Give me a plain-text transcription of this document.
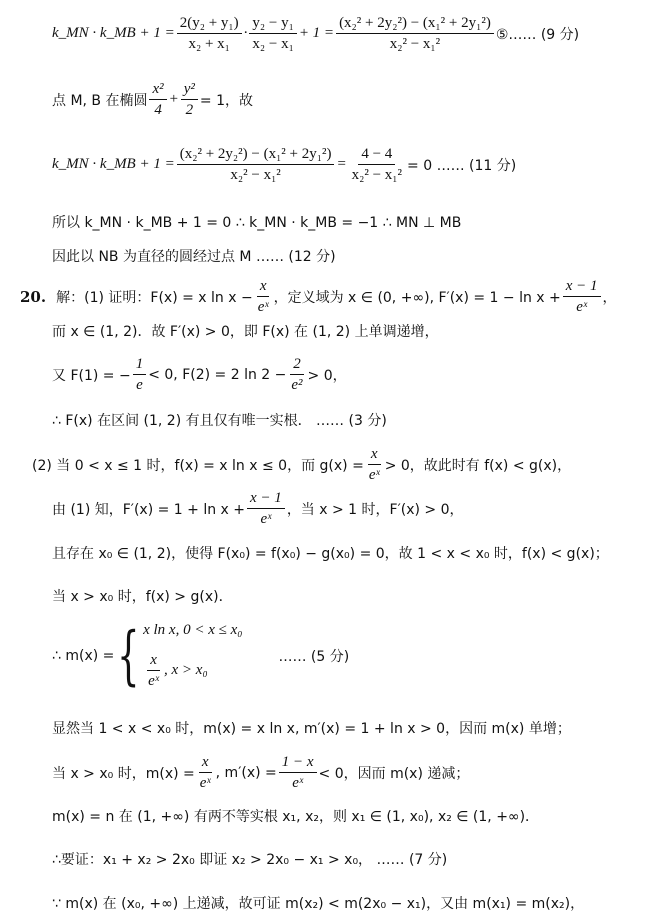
k_MN · k_MB + $1 = \frac{\text{2(y₂ + y₁)}}{\text{x₂ + x₁}} \cdot \frac{\text{y₂ − y₁}}{\text{x₂ − x₁}} + 1 = \frac{\text{(x₂² + 2y₂²) − (x₁² + 2y₁²)}}{\text{x₂² − x₁²}}$ ⑤…… (9 分)
点 M, B 在椭圆 $\frac{\text{x²}}{4} + \frac{\text{y²}}{2} = 1$，故
k_MN · k_MB + $1 = \frac{\text{(x₂² + 2y₂²) − (x₁² + 2y₁²)}}{\text{x₂² − x₁²}} = \frac{4 - 4}{\text{x₂² − x₁²}} = 0$ …… (11 分)
所以 k_MN · k_MB + 1 = 0 ∴ k_MN · k_MB = −1 ∴ MN ⊥ MB
因此以 NB 为直径的圆经过点 M …… (12 分)
20. 解：(1) 证明：F(x) = x $\ln x - \frac{x}{\text{eˣ}}$ ，定义域为 x ∈ (0, +∞), $F'(x) = 1 - \ln x + \frac{x - 1}{\text{eˣ}}$ ，
而 x ∈ (1, 2)．故 F′(x) > 0，即 F(x) 在 (1, 2) 上单调递增，
又 F(1) = − $\frac{1}{e} < 0$, F(2) = 2 $\ln 2 - \frac{2}{\text{e²}} > 0$，
∴ F(x) 在区间 (1, 2) 有且仅有唯一实根． …… (3 分)
(2) 当 0 < x ≤ 1 时，f(x) = x ln x ≤ 0，而 $g(x) = \frac{x}{\text{eˣ}} > 0$，故此时有 f(x) < g(x)，
由 (1) 知，$F'(x) = 1 + \ln x + \frac{x - 1}{\text{eˣ}}$ ，当 x > 1 时，F′(x) > 0，
且存在 x₀ ∈ (1, 2)，使得 F(x₀) = f(x₀) − g(x₀) = 0，故 1 < x < x₀ 时，f(x) < g(x)；
当 x > x₀ 时，f(x) > g(x)．
∴ m(x) = { x ln x, 0 < x ≤ x₀
$\frac{x}{\text{eˣ}}$ , x > x₀
…… (5 分)
显然当 1 < x < x₀ 时，m(x) = x ln x, m′(x) = 1 + ln x > 0，因而 m(x) 单增；
当 x > x₀ 时，$m(x) = \frac{x}{\text{eˣ}}$ , $m'(x) = \frac{1 - x}{\text{eˣ}} < 0$，因而 m(x) 递减；
m(x) = n 在 (1, +∞) 有两不等实根 x₁, x₂，则 x₁ ∈ (1, x₀), x₂ ∈ (1, +∞)．
∴要证：x₁ + x₂ > 2x₀ 即证 x₂ > 2x₀ − x₁ > x₀， …… (7 分)
∵ m(x) 在 (x₀, +∞) 上递减，故可证 m(x₂) < m(2x₀ − x₁)，又由 m(x₁) = m(x₂)，
